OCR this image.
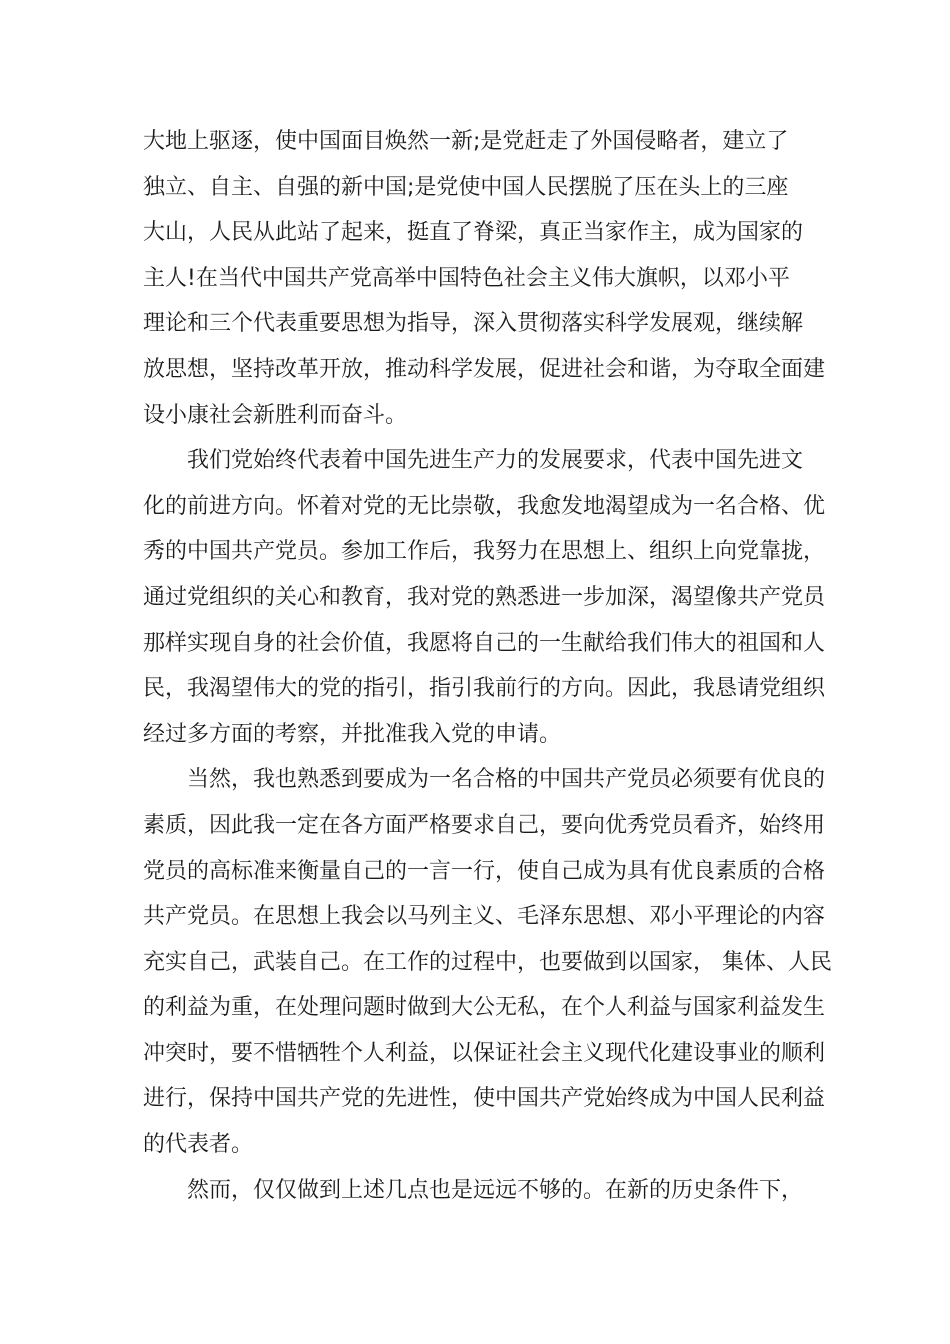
大地上驱逐，使中国面目焕然一新;是党赶走了外国侵略者，建立了
独立、自主、自强的新中国;是党使中国人民摆脱了压在头上的三座
大山，人民从此站了起来，挺直了脊梁，真正当家作主，成为国家的
主人!在当代中国共产党高举中国特色社会主义伟大旗帜，以邓小平
理论和三个代表重要思想为指导，深入贯彻落实科学发展观，继续解
放思想，坚持改革开放，推动科学发展，促进社会和谐，为夺取全面建
设小康社会新胜利而奋斗。
我们党始终代表着中国先进生产力的发展要求，代表中国先进文
化的前进方向。怀着对党的无比崇敬，我愈发地渴望成为一名合格、优
秀的中国共产党员。参加工作后，我努力在思想上、组织上向党靠拢，
通过党组织的关心和教育，我对党的熟悉进一步加深，渴望像共产党员
那样实现自身的社会价值，我愿将自己的一生献给我们伟大的祖国和人
民，我渴望伟大的党的指引，指引我前行的方向。因此，我恳请党组织
经过多方面的考察，并批准我入党的申请。
当然，我也熟悉到要成为一名合格的中国共产党员必须要有优良的
素质，因此我一定在各方面严格要求自己，要向优秀党员看齐，始终用
党员的高标准来衡量自己的一言一行，使自己成为具有优良素质的合格
共产党员。在思想上我会以马列主义、毛泽东思想、邓小平理论的内容
充实自己，武装自己。在工作的过程中，也要做到以国家， 集体、人民
的利益为重，在处理问题时做到大公无私，在个人利益与国家利益发生
冲突时，要不惜牺牲个人利益，以保证社会主义现代化建设事业的顺利
进行，保持中国共产党的先进性，使中国共产党始终成为中国人民利益
的代表者。
然而，仅仅做到上述几点也是远远不够的。在新的历史条件下，
